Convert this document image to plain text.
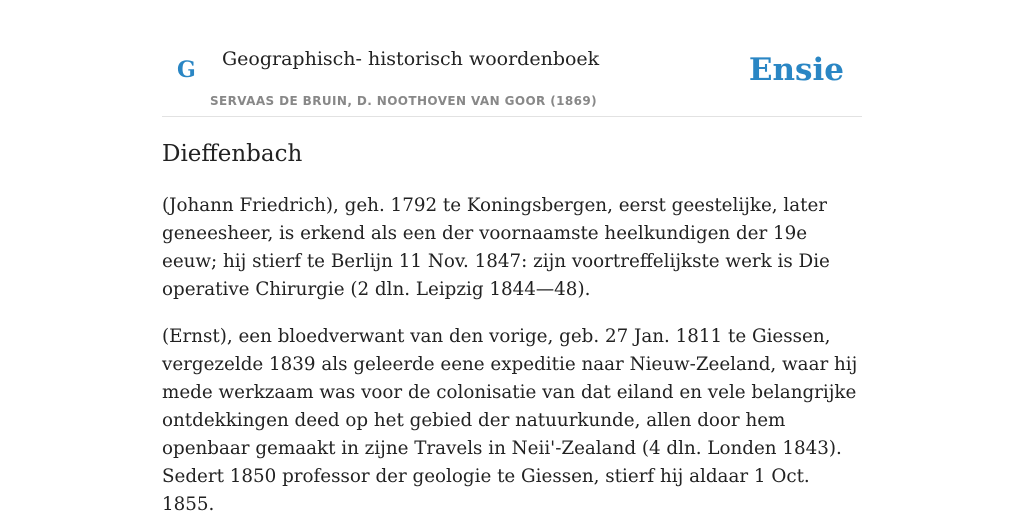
G Geographisch- historisch woordenboek
SERVAAS DE BRUIN, D. NOOTHOVEN VAN GOOR (1869)
Ensie
Dieffenbach

(Johann Friedrich), geh. 1792 te Koningsbergen, eerst geestelijke, later geneesheer, is erkend als een der voornaamste heelkundigen der 19e eeuw; hij stierf te Berlijn 11 Nov. 1847: zijn voortreffelijkste werk is Die operative Chirurgie (2 dln. Leipzig 1844—48).

(Ernst), een bloedverwant van den vorige, geb. 27 Jan. 1811 te Giessen, vergezelde 1839 als geleerde eene expeditie naar Nieuw-Zeeland, waar hij mede werkzaam was voor de colonisatie van dat eiland en vele belangrijke ontdekkingen deed op het gebied der natuurkunde, allen door hem openbaar gemaakt in zijne Travels in Neii'-Zealand (4 dln. Londen 1843). Sedert 1850 professor der geologie te Giessen, stierf hij aldaar 1 Oct. 1855.
